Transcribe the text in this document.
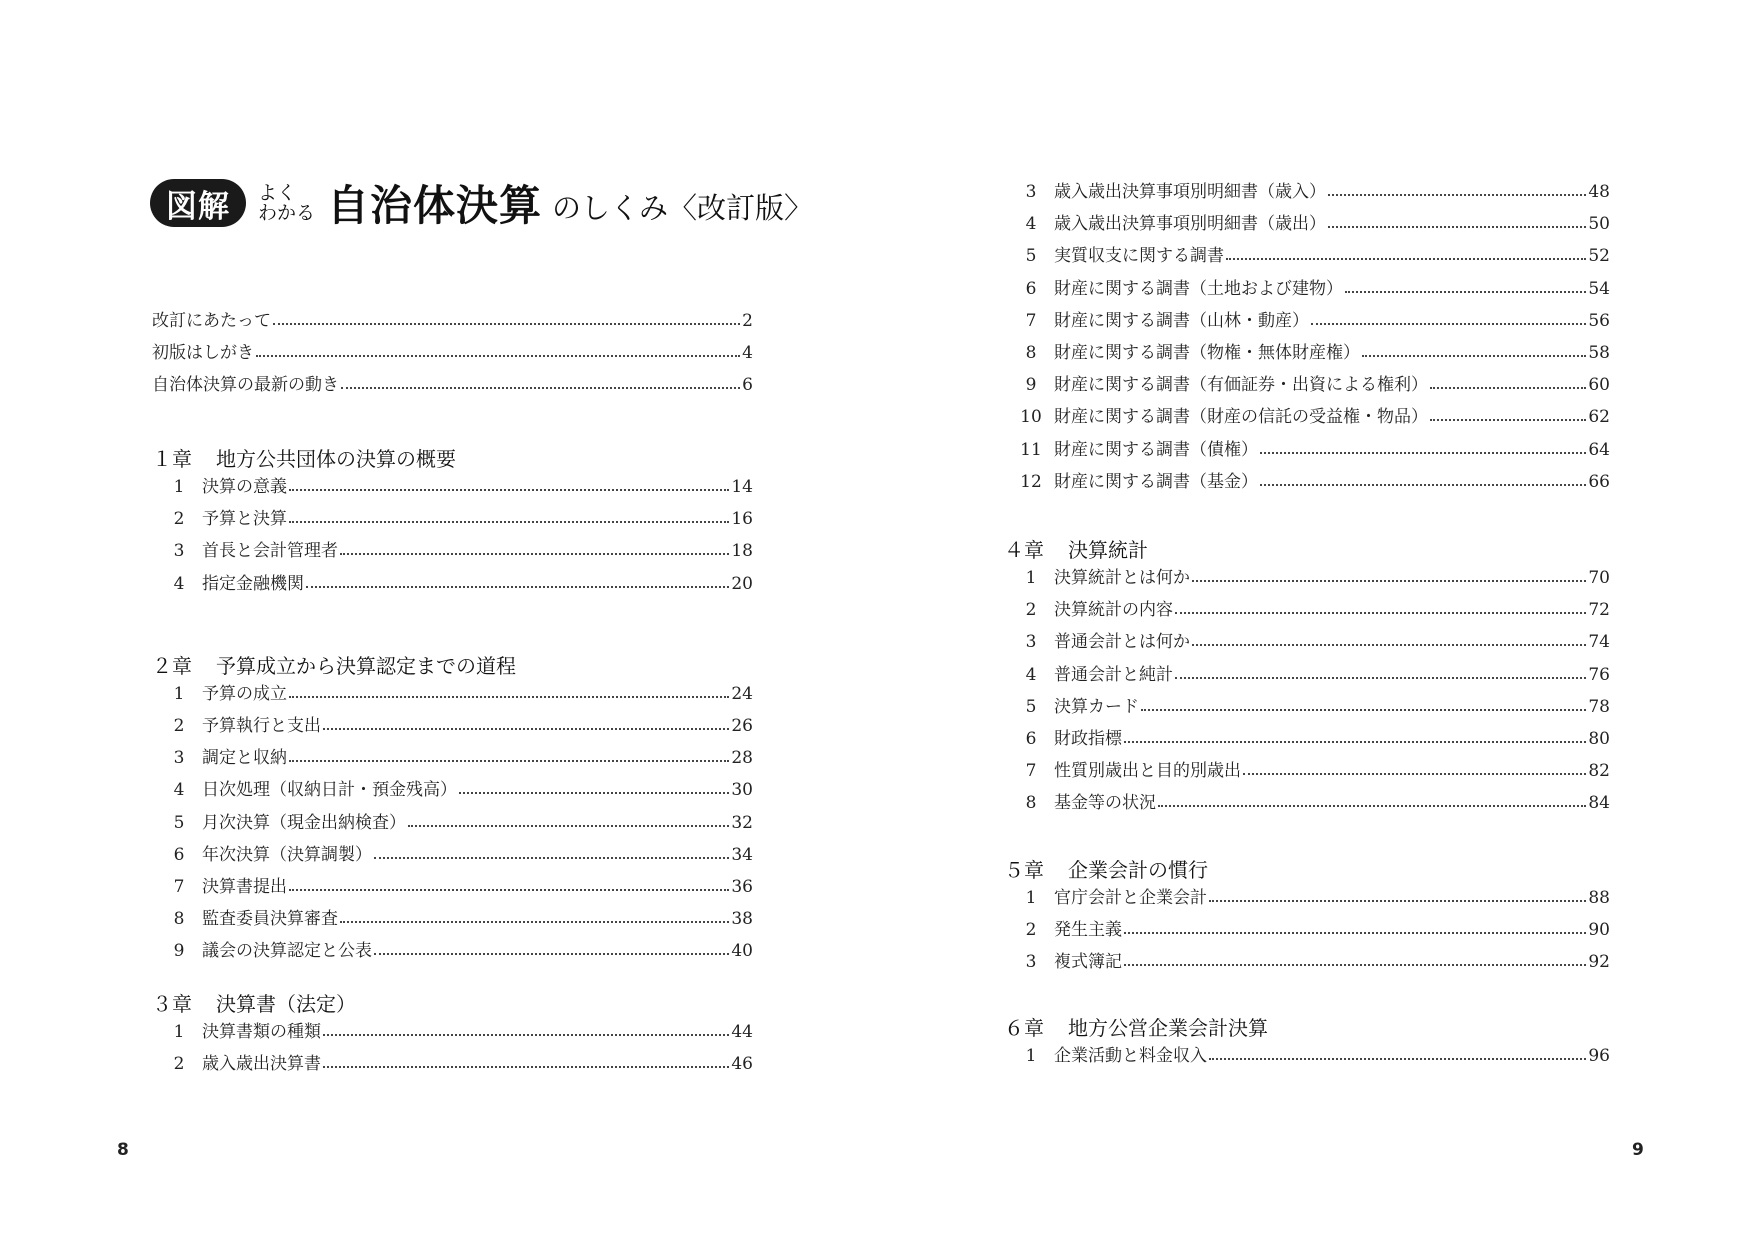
図解	よく
わかる 自治体決算 のしくみ〈改訂版〉
改訂にあたって	2
初版はしがき	4
自治体決算の最新の動き	6
１章 地方公共団体の決算の概要
1	決算の意義	14
2	予算と決算	16
3	首長と会計管理者	18
4	指定金融機関	20
２章 予算成立から決算認定までの道程
1	予算の成立	24
2	予算執行と支出	26
3	調定と収納	28
4	日次処理（収納日計・預金残高）	30
5	月次決算（現金出納検査）	32
6	年次決算（決算調製）	34
7	決算書提出	36
8	監査委員決算審査	38
9	議会の決算認定と公表	40
３章 決算書（法定）
1	決算書類の種類	44
2	歳入歳出決算書	46
8
3	歳入歳出決算事項別明細書（歳入）	48
4	歳入歳出決算事項別明細書（歳出）	50
5	実質収支に関する調書	52
6	財産に関する調書（土地および建物）	54
7	財産に関する調書（山林・動産）	56
8	財産に関する調書（物権・無体財産権）	58
9	財産に関する調書（有価証券・出資による権利）	60
10 財産に関する調書（財産の信託の受益権・物品）	62
11 財産に関する調書（債権）	64
12 財産に関する調書（基金）	66
４章 決算統計
1	決算統計とは何か	70
2	決算統計の内容	72
3	普通会計とは何か	74
4	普通会計と純計	76
5	決算カード	78
6	財政指標	80
7	性質別歳出と目的別歳出	82
8	基金等の状況	84
５章 企業会計の慣行
1	官庁会計と企業会計	88
2	発生主義	90
3	複式簿記	92
６章 地方公営企業会計決算
1	企業活動と料金収入	96
9
